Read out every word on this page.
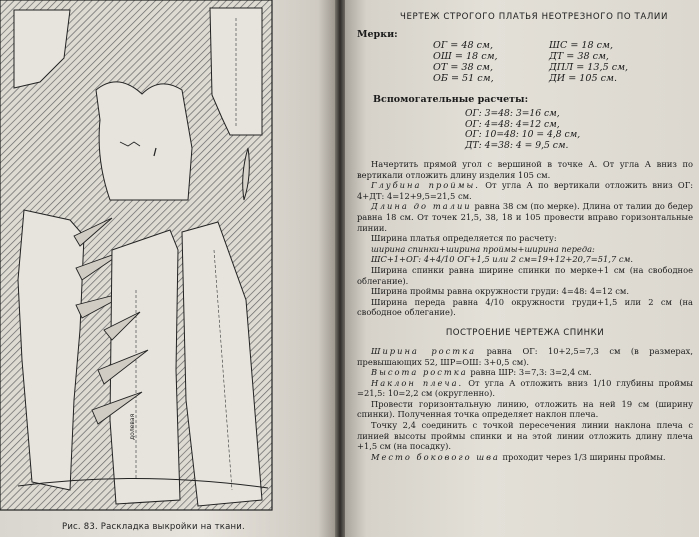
долевая
Рис. 83. Раскладка выкройки на ткани.
ЧЕРТЕЖ СТРОГОГО ПЛАТЬЯ НЕОТРЕЗНОГО ПО ТАЛИИ
Мерки:
ОГ = 48 см,	ШС = 18 см,
ОШ = 18 см,	ДТ = 38 см,
ОТ = 38 см,	ДПЛ = 13,5 см,
ОБ = 51 см,	ДИ = 105 см.
Вспомогательные расчеты:
ОГ: 3=48: 3=16 см,
ОГ: 4=48: 4=12 см,
ОГ: 10=48: 10 = 4,8 см,
ДТ: 4=38: 4 = 9,5 см.

Начертить прямой угол с вершиной в точке А. От угла А вниз по вертикали отложить длину изделия 105 см.

Глубина проймы. От угла А по вертикали отложить вниз ОГ: 4+ДТ: 4=12+9,5=21,5 см.

Длина до талии равна 38 см (по мерке). Длина от талии до бедер равна 18 см. От точек 21,5, 38, 18 и 105 провести вправо горизонтальные линии.

Ширина платья определяется по расчету:

ширина спинки+ширина проймы+ширина переда:

ШС+1+ОГ: 4+4/10 ОГ+1,5 или 2 см=19+12+20,7=51,7 см.

Ширина спинки равна ширине спинки по мерке+1 см (на свободное облегание).

Ширина проймы равна окружности груди: 4=48: 4=12 см.

Ширина переда равна 4/10 окружности груди+1,5 или 2 см (на свободное облегание).

ПОСТРОЕНИЕ ЧЕРТЕЖА СПИНКИ

Ширина ростка равна ОГ: 10+2,5=7,3 см (в размерах, превышающих 52, ШР=ОШ: 3+0,5 см).

Высота ростка равна ШР: 3=7,3: 3=2,4 см.

Наклон плеча. От угла А отложить вниз 1/10 глубины проймы =21,5: 10=2,2 см (округленно).

Провести горизонтальную линию, отложить на ней 19 см (ширину спинки). Полученная точка определяет наклон плеча.

Точку 2,4 соединить с точкой пересечения линии наклона плеча с линией высоты проймы спинки и на этой линии отложить длину плеча +1,5 см (на посадку).

Место бокового шва проходит через 1/3 ширины проймы.
